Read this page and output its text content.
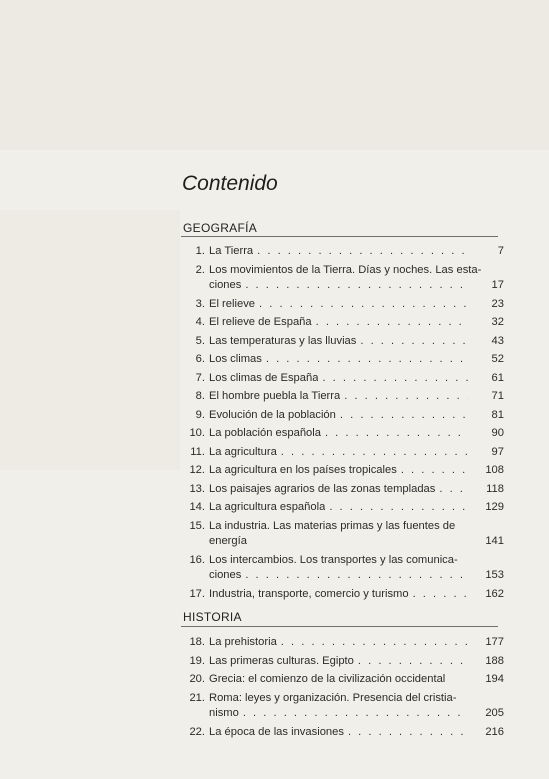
Contenido
GEOGRAFÍA
1. La Tierra . . .	7
2. Los movimientos de la Tierra. Días y noches. Las esta-
ciones . . .	17
3. El relieve . . .	23
4. El relieve de España . . .	32
5. Las temperaturas y las lluvias . . .	43
6. Los climas . . .	52
7. Los climas de España . . .	61
8. El hombre puebla la Tierra . . .	71
9. Evolución de la población . . .	81
10. La población española . . .	90
11. La agricultura . . .	97
12. La agricultura en los países tropicales . . .	108
13. Los paisajes agrarios de las zonas templadas . . .	118
14. La agricultura española . . .	129
15. La industria. Las materias primas y las fuentes de
energía	141
16. Los intercambios. Los transportes y las comunica-
ciones . . .	153
17. Industria, transporte, comercio y turismo . . .	162
HISTORIA
18. La prehistoria . . .	177
19. Las primeras culturas. Egipto . . .	188
20. Grecia: el comienzo de la civilización occidental	194
21. Roma: leyes y organización. Presencia del cristia-
nismo . . .	205
22. La época de las invasiones . . .	216
